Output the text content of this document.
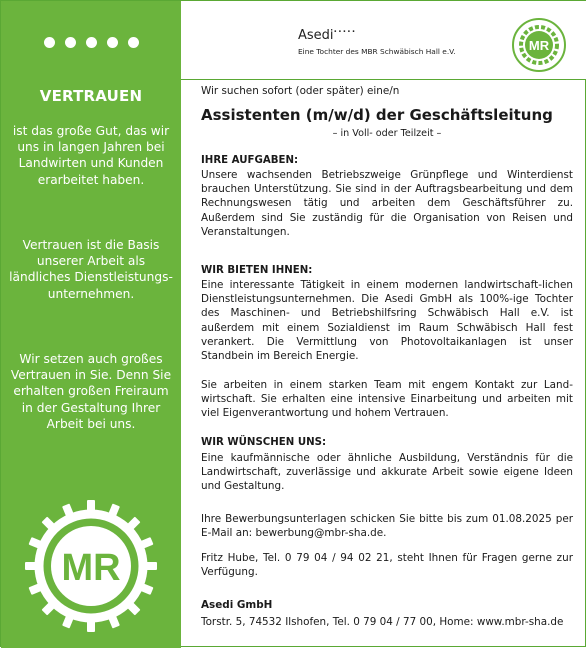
VERTRAUEN
ist das große Gut, das wir uns in langen Jahren bei Landwirten und Kunden erarbeitet haben.
Vertrauen ist die Basis unserer Arbeit als ländliches Dienstleistungs-unternehmen.
Wir setzen auch großes Vertrauen in Sie. Denn Sie erhalten großen Freiraum in der Gestaltung Ihrer Arbeit bei uns.
MR
Asedi•••••
Eine Tochter des MBR Schwäbisch Hall e.V.	MR
Wir suchen sofort (oder später) eine/n
Assistenten (m/w/d) der Geschäftsleitung
– in Voll- oder Teilzeit –
IHRE AUFGABEN:
Unsere wachsenden Betriebszweige Grünpflege und Winterdienst brauchen Unterstützung. Sie sind in der Auftragsbearbeitung und dem Rechnungswesen tätig und arbeiten dem Geschäftsführer zu. Außerdem sind Sie zuständig für die Organisation von Reisen und Veranstaltungen.
WIR BIETEN IHNEN:
Eine interessante Tätigkeit in einem modernen landwirtschaft-lichen Dienstleistungsunternehmen. Die Asedi GmbH als 100%-ige Tochter des Maschinen- und Betriebshilfsring Schwäbisch Hall e.V. ist außerdem mit einem Sozialdienst im Raum Schwäbisch Hall fest verankert. Die Vermittlung von Photovoltaikanlagen ist unser Standbein im Bereich Energie.
Sie arbeiten in einem starken Team mit engem Kontakt zur Land-wirtschaft. Sie erhalten eine intensive Einarbeitung und arbeiten mit viel Eigenverantwortung und hohem Vertrauen.
WIR WÜNSCHEN UNS:
Eine kaufmännische oder ähnliche Ausbildung, Verständnis für die Landwirtschaft, zuverlässige und akkurate Arbeit sowie eigene Ideen und Gestaltung.
Ihre Bewerbungsunterlagen schicken Sie bitte bis zum 01.08.2025 per E-Mail an: bewerbung@mbr-sha.de.
Fritz Hube, Tel. 0 79 04 / 94 02 21, steht Ihnen für Fragen gerne zur Verfügung.
Asedi GmbH
Torstr. 5, 74532 Ilshofen, Tel. 0 79 04 / 77 00, Home: www.mbr-sha.de
